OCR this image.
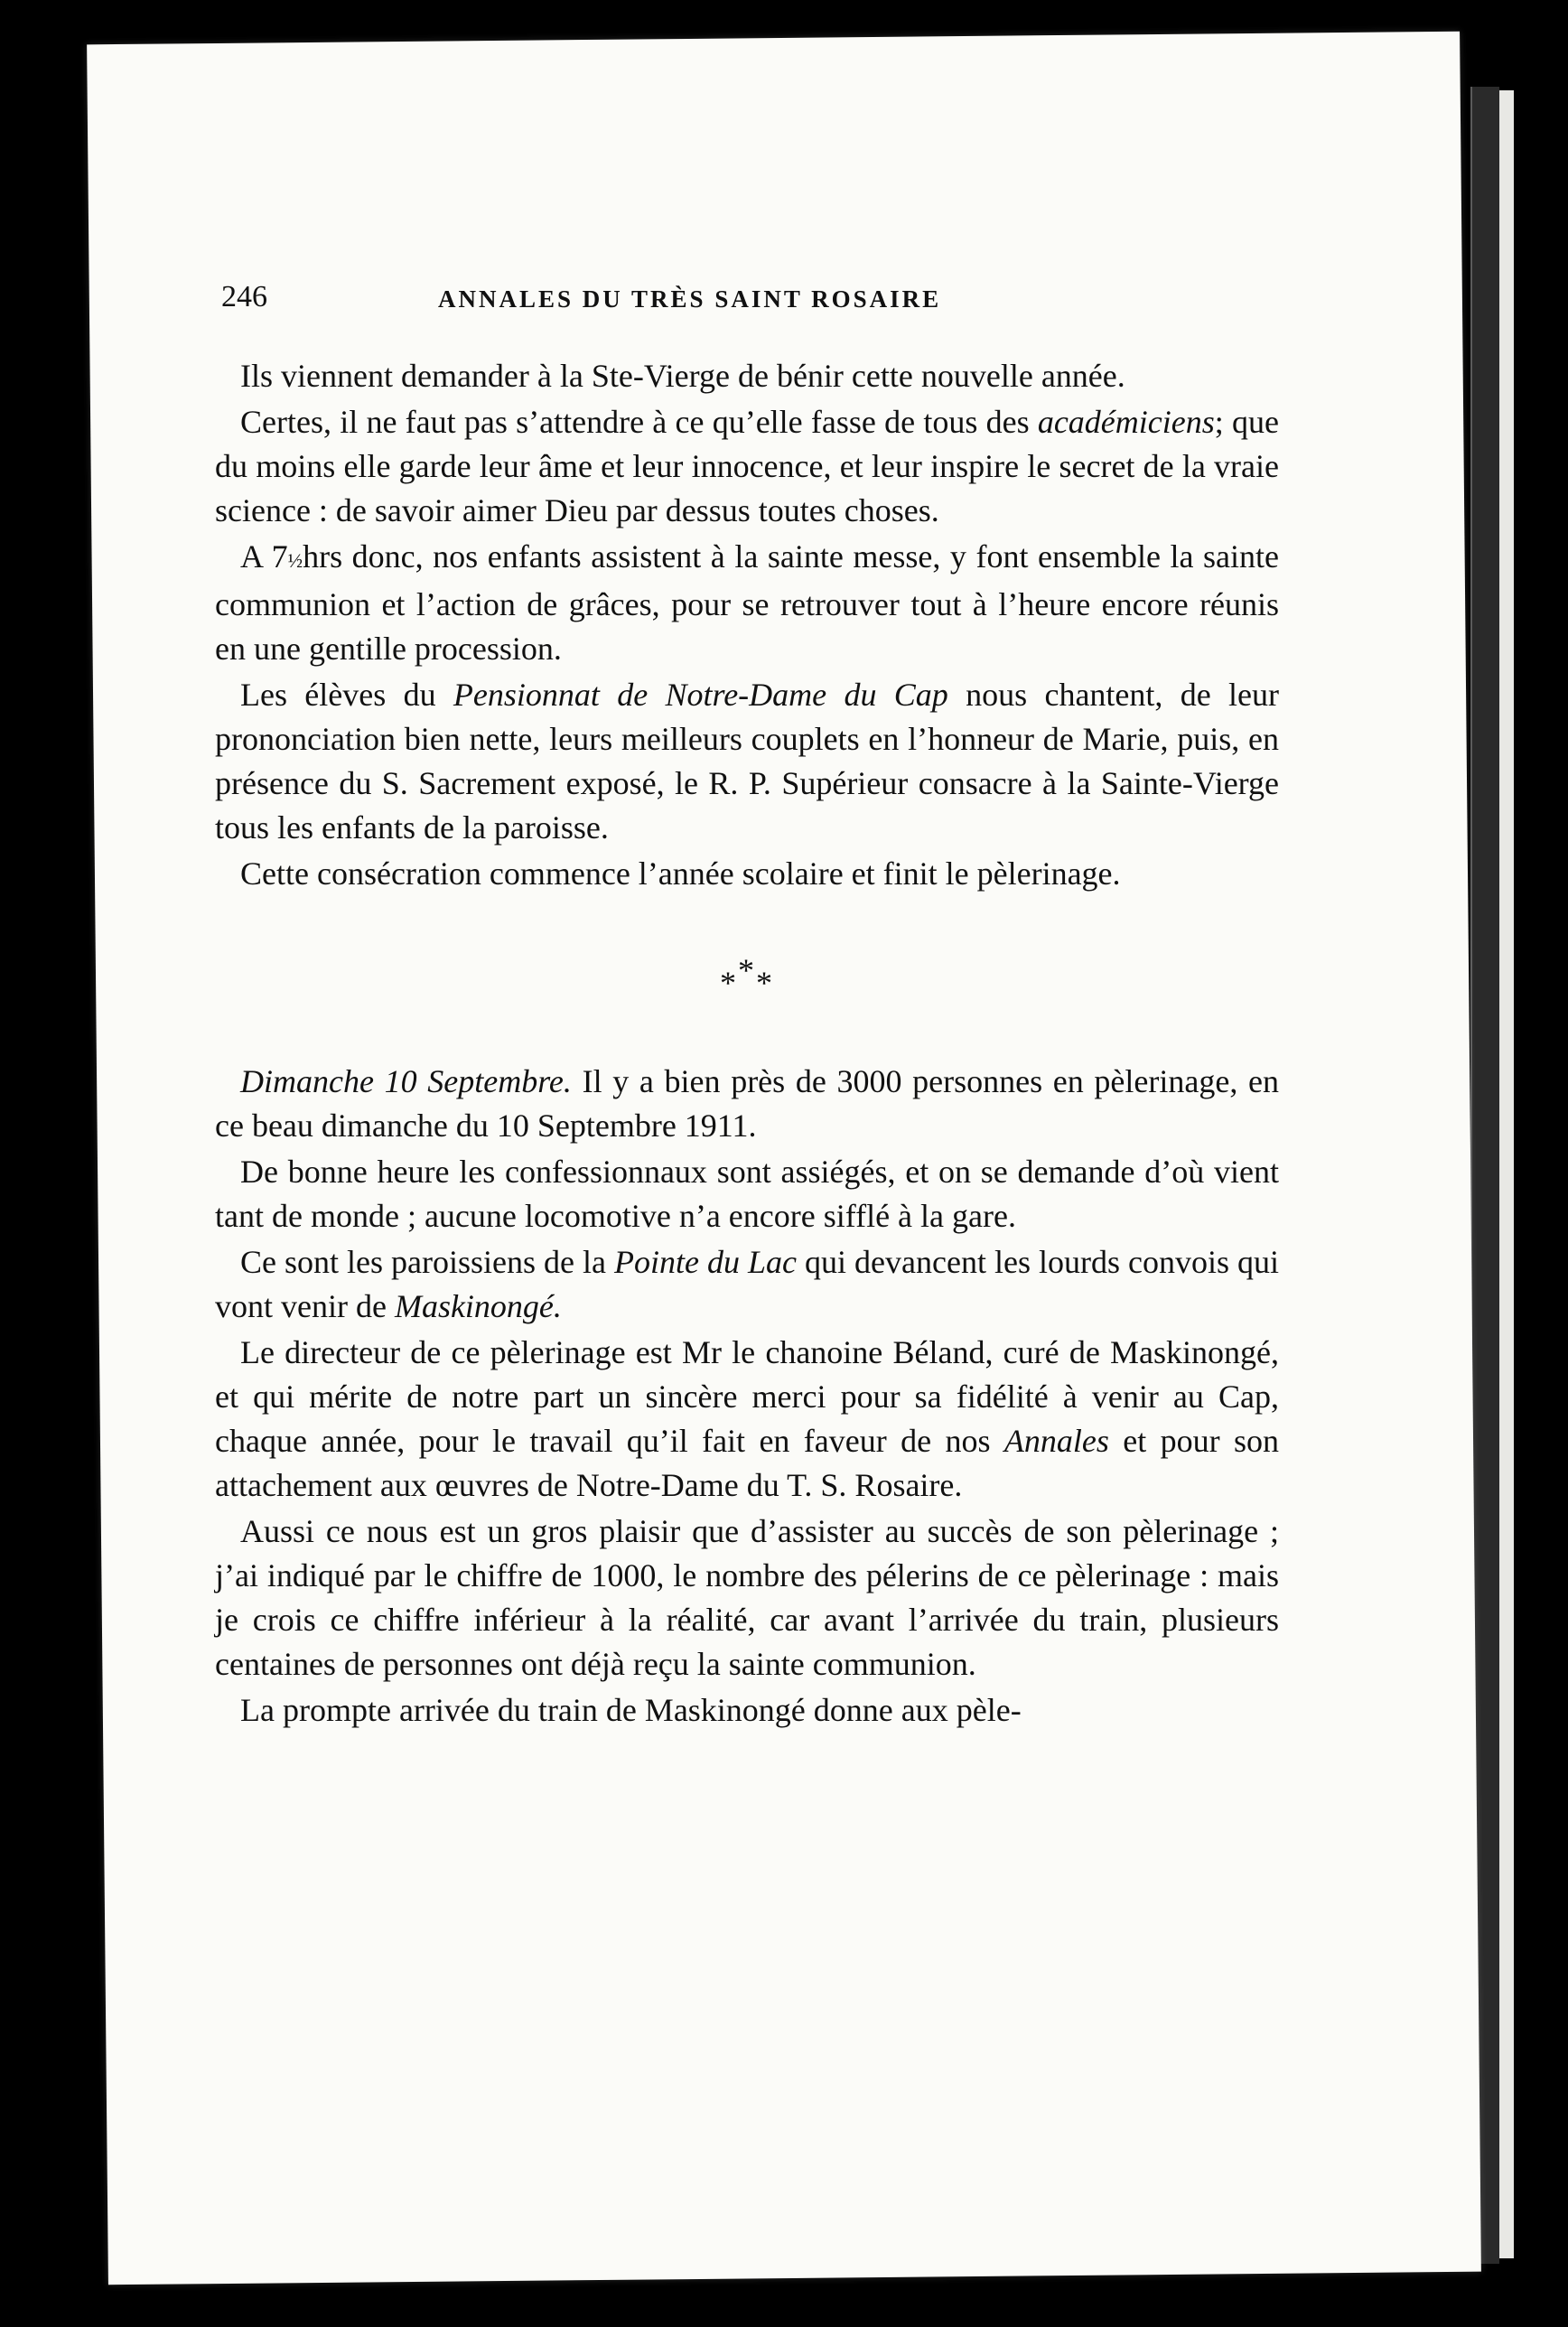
246	ANNALES DU TRÈS SAINT ROSAIRE

Ils viennent demander à la Ste-Vierge de bénir cette nouvelle année.

Certes, il ne faut pas s’attendre à ce qu’elle fasse de tous des académiciens; que du moins elle garde leur âme et leur innocence, et leur inspire le secret de la vraie science : de savoir aimer Dieu par dessus toutes choses.

A 7½hrs donc, nos enfants assistent à la sainte messe, y font ensemble la sainte communion et l’action de grâces, pour se retrouver tout à l’heure encore réunis en une gentille procession.

Les élèves du Pensionnat de Notre-Dame du Cap nous chantent, de leur prononciation bien nette, leurs meilleurs couplets en l’honneur de Marie, puis, en présence du S. Sacrement exposé, le R. P. Supérieur consacre à la Sainte-Vierge tous les enfants de la paroisse.

Cette consécration commence l’année scolaire et finit le pèlerinage.

***

Dimanche 10 Septembre. Il y a bien près de 3000 personnes en pèlerinage, en ce beau dimanche du 10 Septembre 1911.

De bonne heure les confessionnaux sont assiégés, et on se demande d’où vient tant de monde ; aucune locomotive n’a encore sifflé à la gare.

Ce sont les paroissiens de la Pointe du Lac qui devancent les lourds convois qui vont venir de Maskinongé.

Le directeur de ce pèlerinage est Mr le chanoine Béland, curé de Maskinongé, et qui mérite de notre part un sincère merci pour sa fidélité à venir au Cap, chaque année, pour le travail qu’il fait en faveur de nos Annales et pour son attachement aux œuvres de Notre-Dame du T. S. Rosaire.

Aussi ce nous est un gros plaisir que d’assister au succès de son pèlerinage ; j’ai indiqué par le chiffre de 1000, le nombre des pélerins de ce pèlerinage : mais je crois ce chiffre inférieur à la réalité, car avant l’arrivée du train, plusieurs centaines de personnes ont déjà reçu la sainte communion.

La prompte arrivée du train de Maskinongé donne aux pèle-
